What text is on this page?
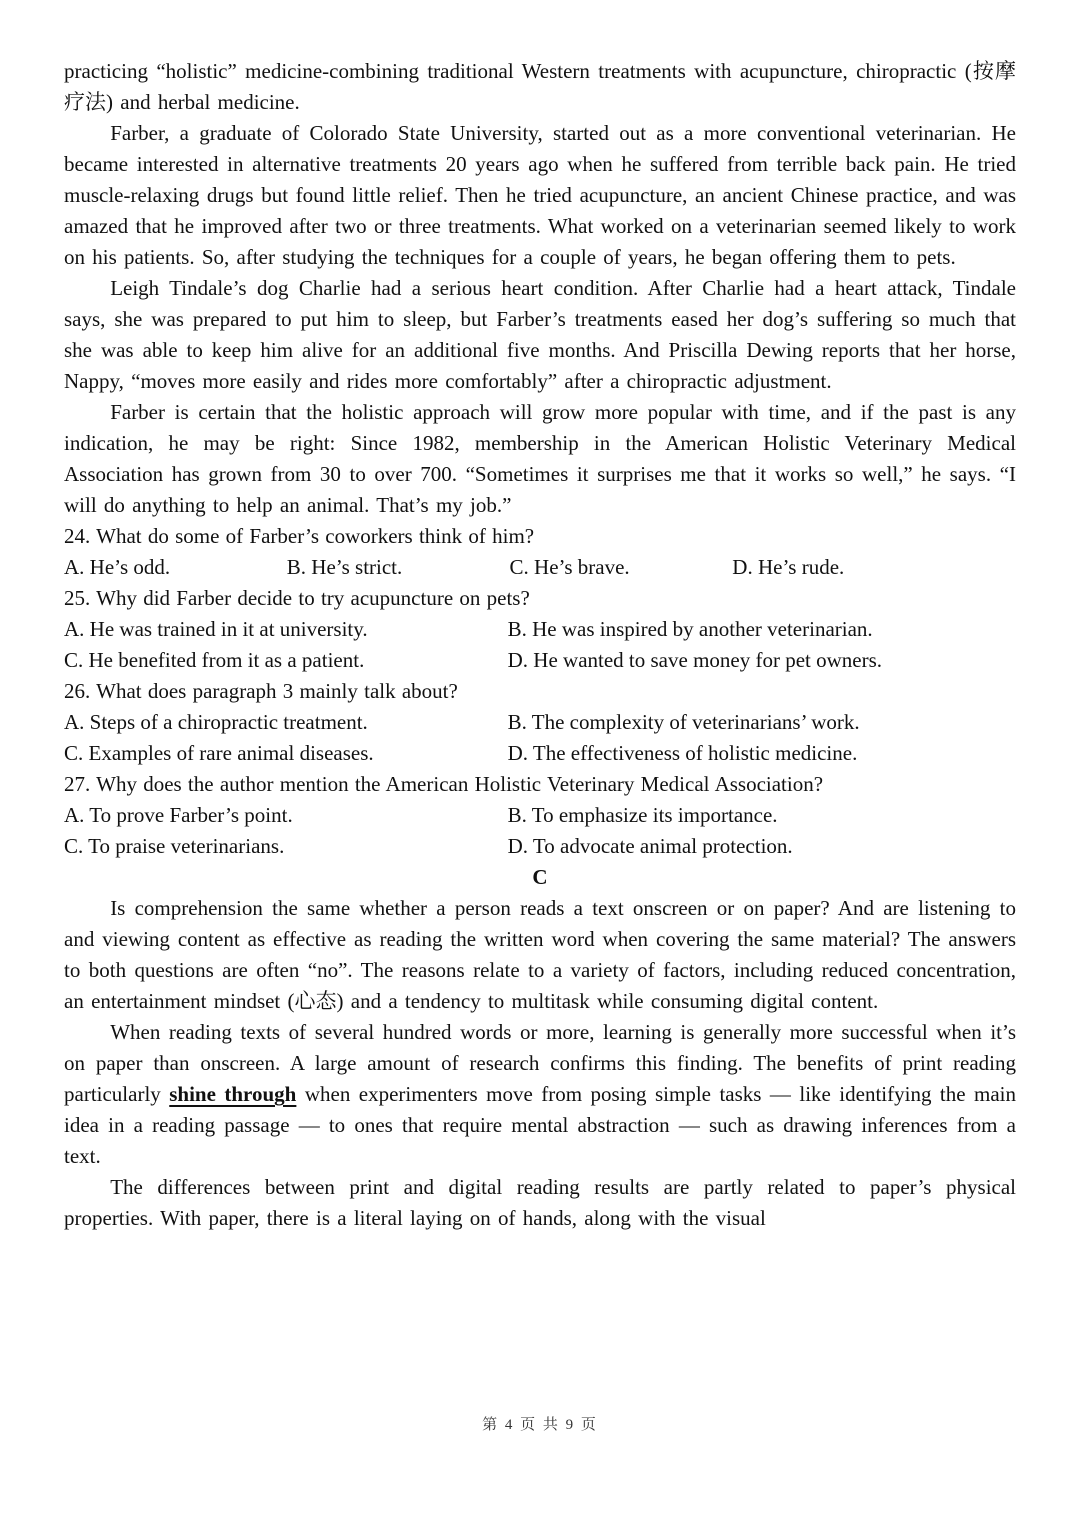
practicing “holistic” medicine-combining traditional Western treatments with acupuncture, chiropractic (按摩疗法) and herbal medicine.

Farber, a graduate of Colorado State University, started out as a more conventional veterinarian. He became interested in alternative treatments 20 years ago when he suffered from terrible back pain. He tried muscle-relaxing drugs but found little relief. Then he tried acupuncture, an ancient Chinese practice, and was amazed that he improved after two or three treatments. What worked on a veterinarian seemed likely to work on his patients. So, after studying the techniques for a couple of years, he began offering them to pets.

Leigh Tindale’s dog Charlie had a serious heart condition. After Charlie had a heart attack, Tindale says, she was prepared to put him to sleep, but Farber’s treatments eased her dog’s suffering so much that she was able to keep him alive for an additional five months. And Priscilla Dewing reports that her horse, Nappy, “moves more easily and rides more comfortably” after a chiropractic adjustment.

Farber is certain that the holistic approach will grow more popular with time, and if the past is any indication, he may be right: Since 1982, membership in the American Holistic Veterinary Medical Association has grown from 30 to over 700. “Sometimes it surprises me that it works so well,” he says. “I will do anything to help an animal. That’s my job.”

24. What do some of Farber’s coworkers think of him?
A. He’s odd.	B. He’s strict.	C. He’s brave.	D. He’s rude.
25. Why did Farber decide to try acupuncture on pets?
A. He was trained in it at university.	B. He was inspired by another veterinarian.
C. He benefited from it as a patient.	D. He wanted to save money for pet owners.
26. What does paragraph 3 mainly talk about?
A. Steps of a chiropractic treatment.	B. The complexity of veterinarians’ work.
C. Examples of rare animal diseases.	D. The effectiveness of holistic medicine.
27. Why does the author mention the American Holistic Veterinary Medical Association?
A. To prove Farber’s point.	B. To emphasize its importance.
C. To praise veterinarians.	D. To advocate animal protection.
C

Is comprehension the same whether a person reads a text onscreen or on paper? And are listening to and viewing content as effective as reading the written word when covering the same material? The answers to both questions are often “no”. The reasons relate to a variety of factors, including reduced concentration, an entertainment mindset (心态) and a tendency to multitask while consuming digital content.

When reading texts of several hundred words or more, learning is generally more successful when it’s on paper than onscreen. A large amount of research confirms this finding. The benefits of print reading particularly shine through when experimenters move from posing simple tasks — like identifying the main idea in a reading passage — to ones that require mental abstraction — such as drawing inferences from a text.

The differences between print and digital reading results are partly related to paper’s physical properties. With paper, there is a literal laying on of hands, along with the visual

第 4 页 共 9 页
